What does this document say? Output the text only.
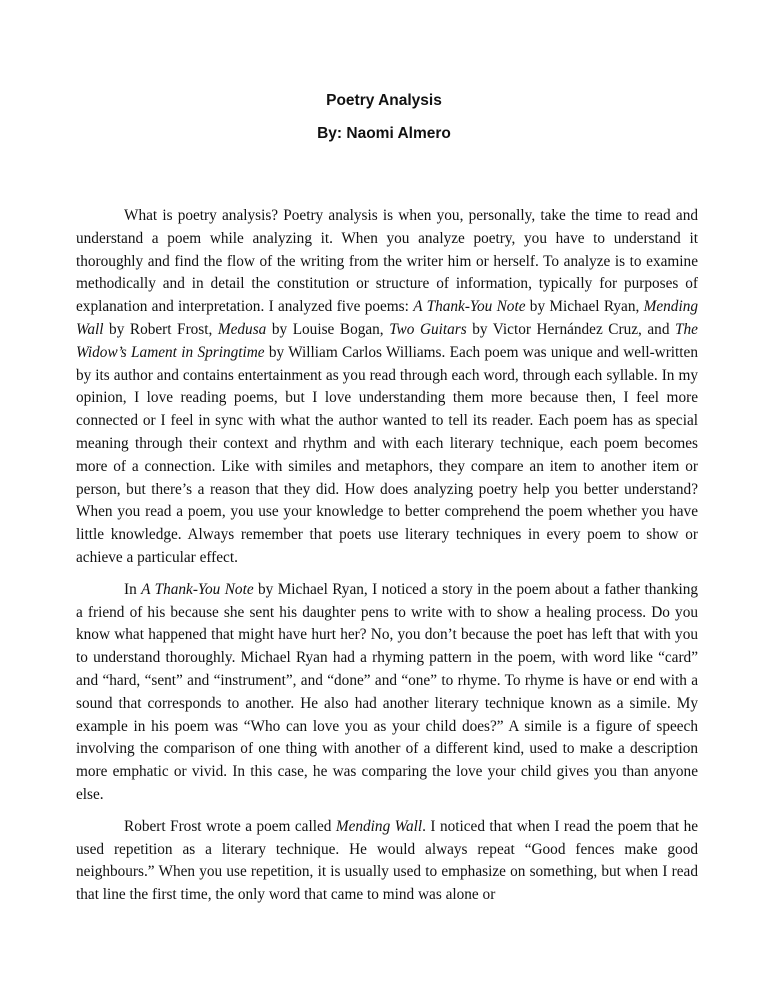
Poetry Analysis
By: Naomi Almero

What is poetry analysis? Poetry analysis is when you, personally, take the time to read and understand a poem while analyzing it. When you analyze poetry, you have to understand it thoroughly and find the flow of the writing from the writer him or herself. To analyze is to examine methodically and in detail the constitution or structure of information, typically for purposes of explanation and interpretation. I analyzed five poems: A Thank-You Note by Michael Ryan, Mending Wall by Robert Frost, Medusa by Louise Bogan, Two Guitars by Victor Hernández Cruz, and The Widow’s Lament in Springtime by William Carlos Williams. Each poem was unique and well-written by its author and contains entertainment as you read through each word, through each syllable. In my opinion, I love reading poems, but I love understanding them more because then, I feel more connected or I feel in sync with what the author wanted to tell its reader. Each poem has as special meaning through their context and rhythm and with each literary technique, each poem becomes more of a connection. Like with similes and metaphors, they compare an item to another item or person, but there’s a reason that they did. How does analyzing poetry help you better understand? When you read a poem, you use your knowledge to better comprehend the poem whether you have little knowledge. Always remember that poets use literary techniques in every poem to show or achieve a particular effect.

In A Thank-You Note by Michael Ryan, I noticed a story in the poem about a father thanking a friend of his because she sent his daughter pens to write with to show a healing process. Do you know what happened that might have hurt her? No, you don’t because the poet has left that with you to understand thoroughly. Michael Ryan had a rhyming pattern in the poem, with word like “card” and “hard, “sent” and “instrument”, and “done” and “one” to rhyme. To rhyme is have or end with a sound that corresponds to another. He also had another literary technique known as a simile. My example in his poem was “Who can love you as your child does?” A simile is a figure of speech involving the comparison of one thing with another of a different kind, used to make a description more emphatic or vivid. In this case, he was comparing the love your child gives you than anyone else.

Robert Frost wrote a poem called Mending Wall. I noticed that when I read the poem that he used repetition as a literary technique. He would always repeat “Good fences make good neighbours.” When you use repetition, it is usually used to emphasize on something, but when I read that line the first time, the only word that came to mind was alone or
